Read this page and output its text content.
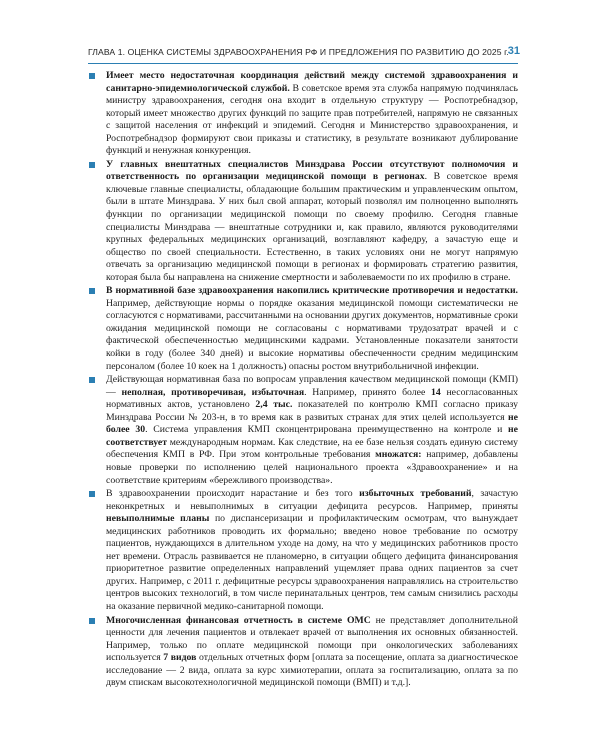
ГЛАВА 1. ОЦЕНКА СИСТЕМЫ ЗДРАВООХРАНЕНИЯ РФ И ПРЕДЛОЖЕНИЯ ПО РАЗВИТИЮ ДО 2025 г.
31
Имеет место недостаточная координация действий между системой здравоохранения и санитарно-эпидемиологической службой. В советское время эта служба напрямую подчинялась министру здравоохранения, сегодня она входит в отдельную структуру — Роспотребнадзор, который имеет множество других функций по защите прав потребителей, напрямую не связанных с защитой населения от инфекций и эпидемий. Сегодня и Министерство здравоохранения, и Роспотребнадзор формируют свои приказы и статистику, в результате возникают дублирование функций и ненужная конкуренция.
У главных внештатных специалистов Минздрава России отсутствуют полномочия и ответственность по организации медицинской помощи в регионах. В советское время ключевые главные специалисты, обладающие большим практическим и управленческим опытом, были в штате Минздрава. У них был свой аппарат, который позволял им полноценно выполнять функции по организации медицинской помощи по своему профилю. Сегодня главные специалисты Минздрава — внештатные сотрудники и, как правило, являются руководителями крупных федеральных медицинских организаций, возглавляют кафедру, а зачастую еще и общество по своей специальности. Естественно, в таких условиях они не могут напрямую отвечать за организацию медицинской помощи в регионах и формировать стратегию развития, которая была бы направлена на снижение смертности и заболеваемости по их профилю в стране.
В нормативной базе здравоохранения накопились критические противоречия и недостатки. Например, действующие нормы о порядке оказания медицинской помощи систематически не согласуются с нормативами, рассчитанными на основании других документов, нормативные сроки ожидания медицинской помощи не согласованы с нормативами трудозатрат врачей и с фактической обеспеченностью медицинскими кадрами. Установленные показатели занятости койки в году (более 340 дней) и высокие нормативы обеспеченности средним медицинским персоналом (более 10 коек на 1 должность) опасны ростом внутрибольничной инфекции.
Действующая нормативная база по вопросам управления качеством медицинской помощи (КМП) — неполная, противоречивая, избыточная. Например, принято более 14 несогласованных нормативных актов, установлено 2,4 тыс. показателей по контролю КМП согласно приказу Минздрава России № 203-н, в то время как в развитых странах для этих целей используется не более 30. Система управления КМП сконцентрирована преимущественно на контроле и не соответствует международным нормам. Как следствие, на ее базе нельзя создать единую систему обеспечения КМП в РФ. При этом контрольные требования множатся: например, добавлены новые проверки по исполнению целей национального проекта «Здравоохранение» и на соответствие критериям «бережливого производства».
В здравоохранении происходит нарастание и без того избыточных требований, зачастую неконкретных и невыполнимых в ситуации дефицита ресурсов. Например, приняты невыполнимые планы по диспансеризации и профилактическим осмотрам, что вынуждает медицинских работников проводить их формально; введено новое требование по осмотру пациентов, нуждающихся в длительном уходе на дому, на что у медицинских работников просто нет времени. Отрасль развивается не планомерно, в ситуации общего дефицита финансирования приоритетное развитие определенных направлений ущемляет права одних пациентов за счет других. Например, с 2011 г. дефицитные ресурсы здравоохранения направлялись на строительство центров высоких технологий, в том числе перинатальных центров, тем самым снизились расходы на оказание первичной медико-санитарной помощи.
Многочисленная финансовая отчетность в системе ОМС не представляет дополнительной ценности для лечения пациентов и отвлекает врачей от выполнения их основных обязанностей. Например, только по оплате медицинской помощи при онкологических заболеваниях используется 7 видов отдельных отчетных форм [оплата за посещение, оплата за диагностическое исследование — 2 вида, оплата за курс химиотерапии, оплата за госпитализацию, оплата за по двум спискам высокотехнологичной медицинской помощи (ВМП) и т.д.].
